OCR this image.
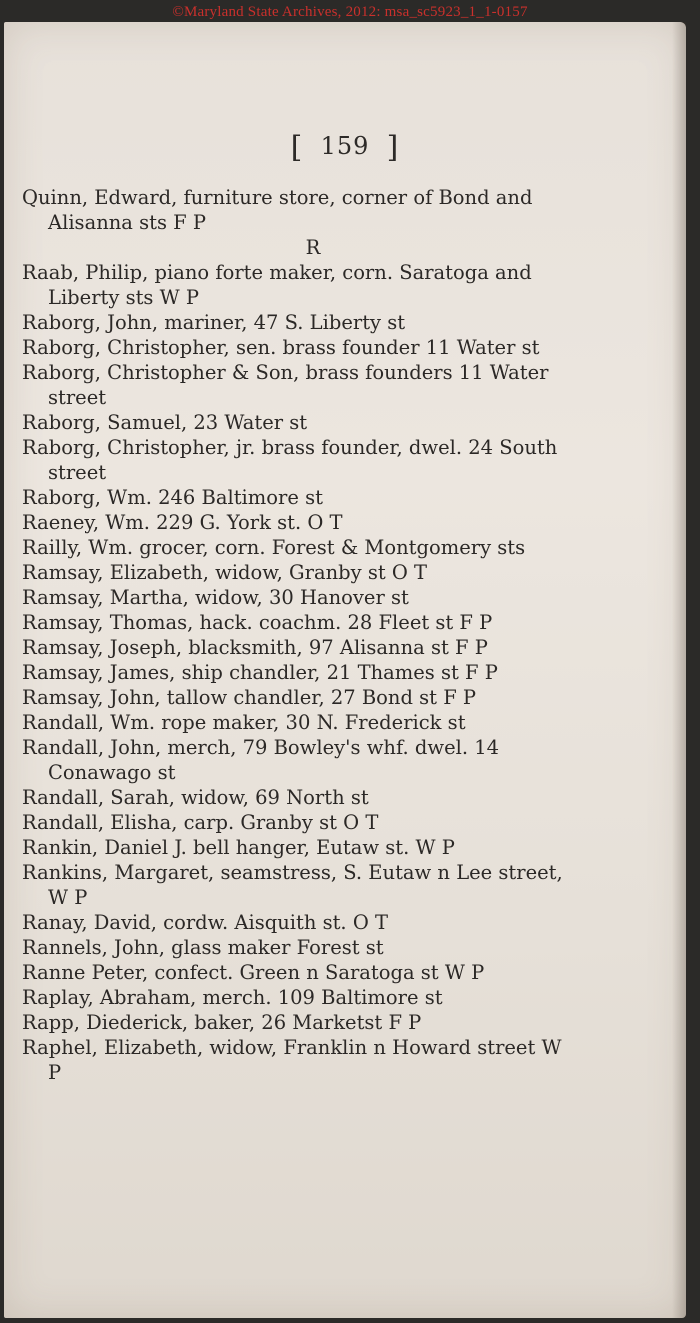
©Maryland State Archives, 2012: msa_sc5923_1_1-0157
[ 159 ]

Quinn, Edward, furniture store, corner of Bond and Alisanna sts F P

R

Raab, Philip, piano forte maker, corn. Saratoga and Liberty sts W P

Raborg, John, mariner, 47 S. Liberty st

Raborg, Christopher, sen. brass founder 11 Water st

Raborg, Christopher & Son, brass founders 11 Water street

Raborg, Samuel, 23 Water st

Raborg, Christopher, jr. brass founder, dwel. 24 South street

Raborg, Wm. 246 Baltimore st

Raeney, Wm. 229 G. York st. O T

Railly, Wm. grocer, corn. Forest & Montgomery sts

Ramsay, Elizabeth, widow, Granby st O T

Ramsay, Martha, widow, 30 Hanover st

Ramsay, Thomas, hack. coachm. 28 Fleet st F P

Ramsay, Joseph, blacksmith, 97 Alisanna st F P

Ramsay, James, ship chandler, 21 Thames st F P

Ramsay, John, tallow chandler, 27 Bond st F P

Randall, Wm. rope maker, 30 N. Frederick st

Randall, John, merch, 79 Bowley's whf. dwel. 14 Conawago st

Randall, Sarah, widow, 69 North st

Randall, Elisha, carp. Granby st O T

Rankin, Daniel J. bell hanger, Eutaw st. W P

Rankins, Margaret, seamstress, S. Eutaw n Lee street, W P

Ranay, David, cordw. Aisquith st. O T

Rannels, John, glass maker Forest st

Ranne Peter, confect. Green n Saratoga st W P

Raplay, Abraham, merch. 109 Baltimore st

Rapp, Diederick, baker, 26 Marketst F P

Raphel, Elizabeth, widow, Franklin n Howard street W P
